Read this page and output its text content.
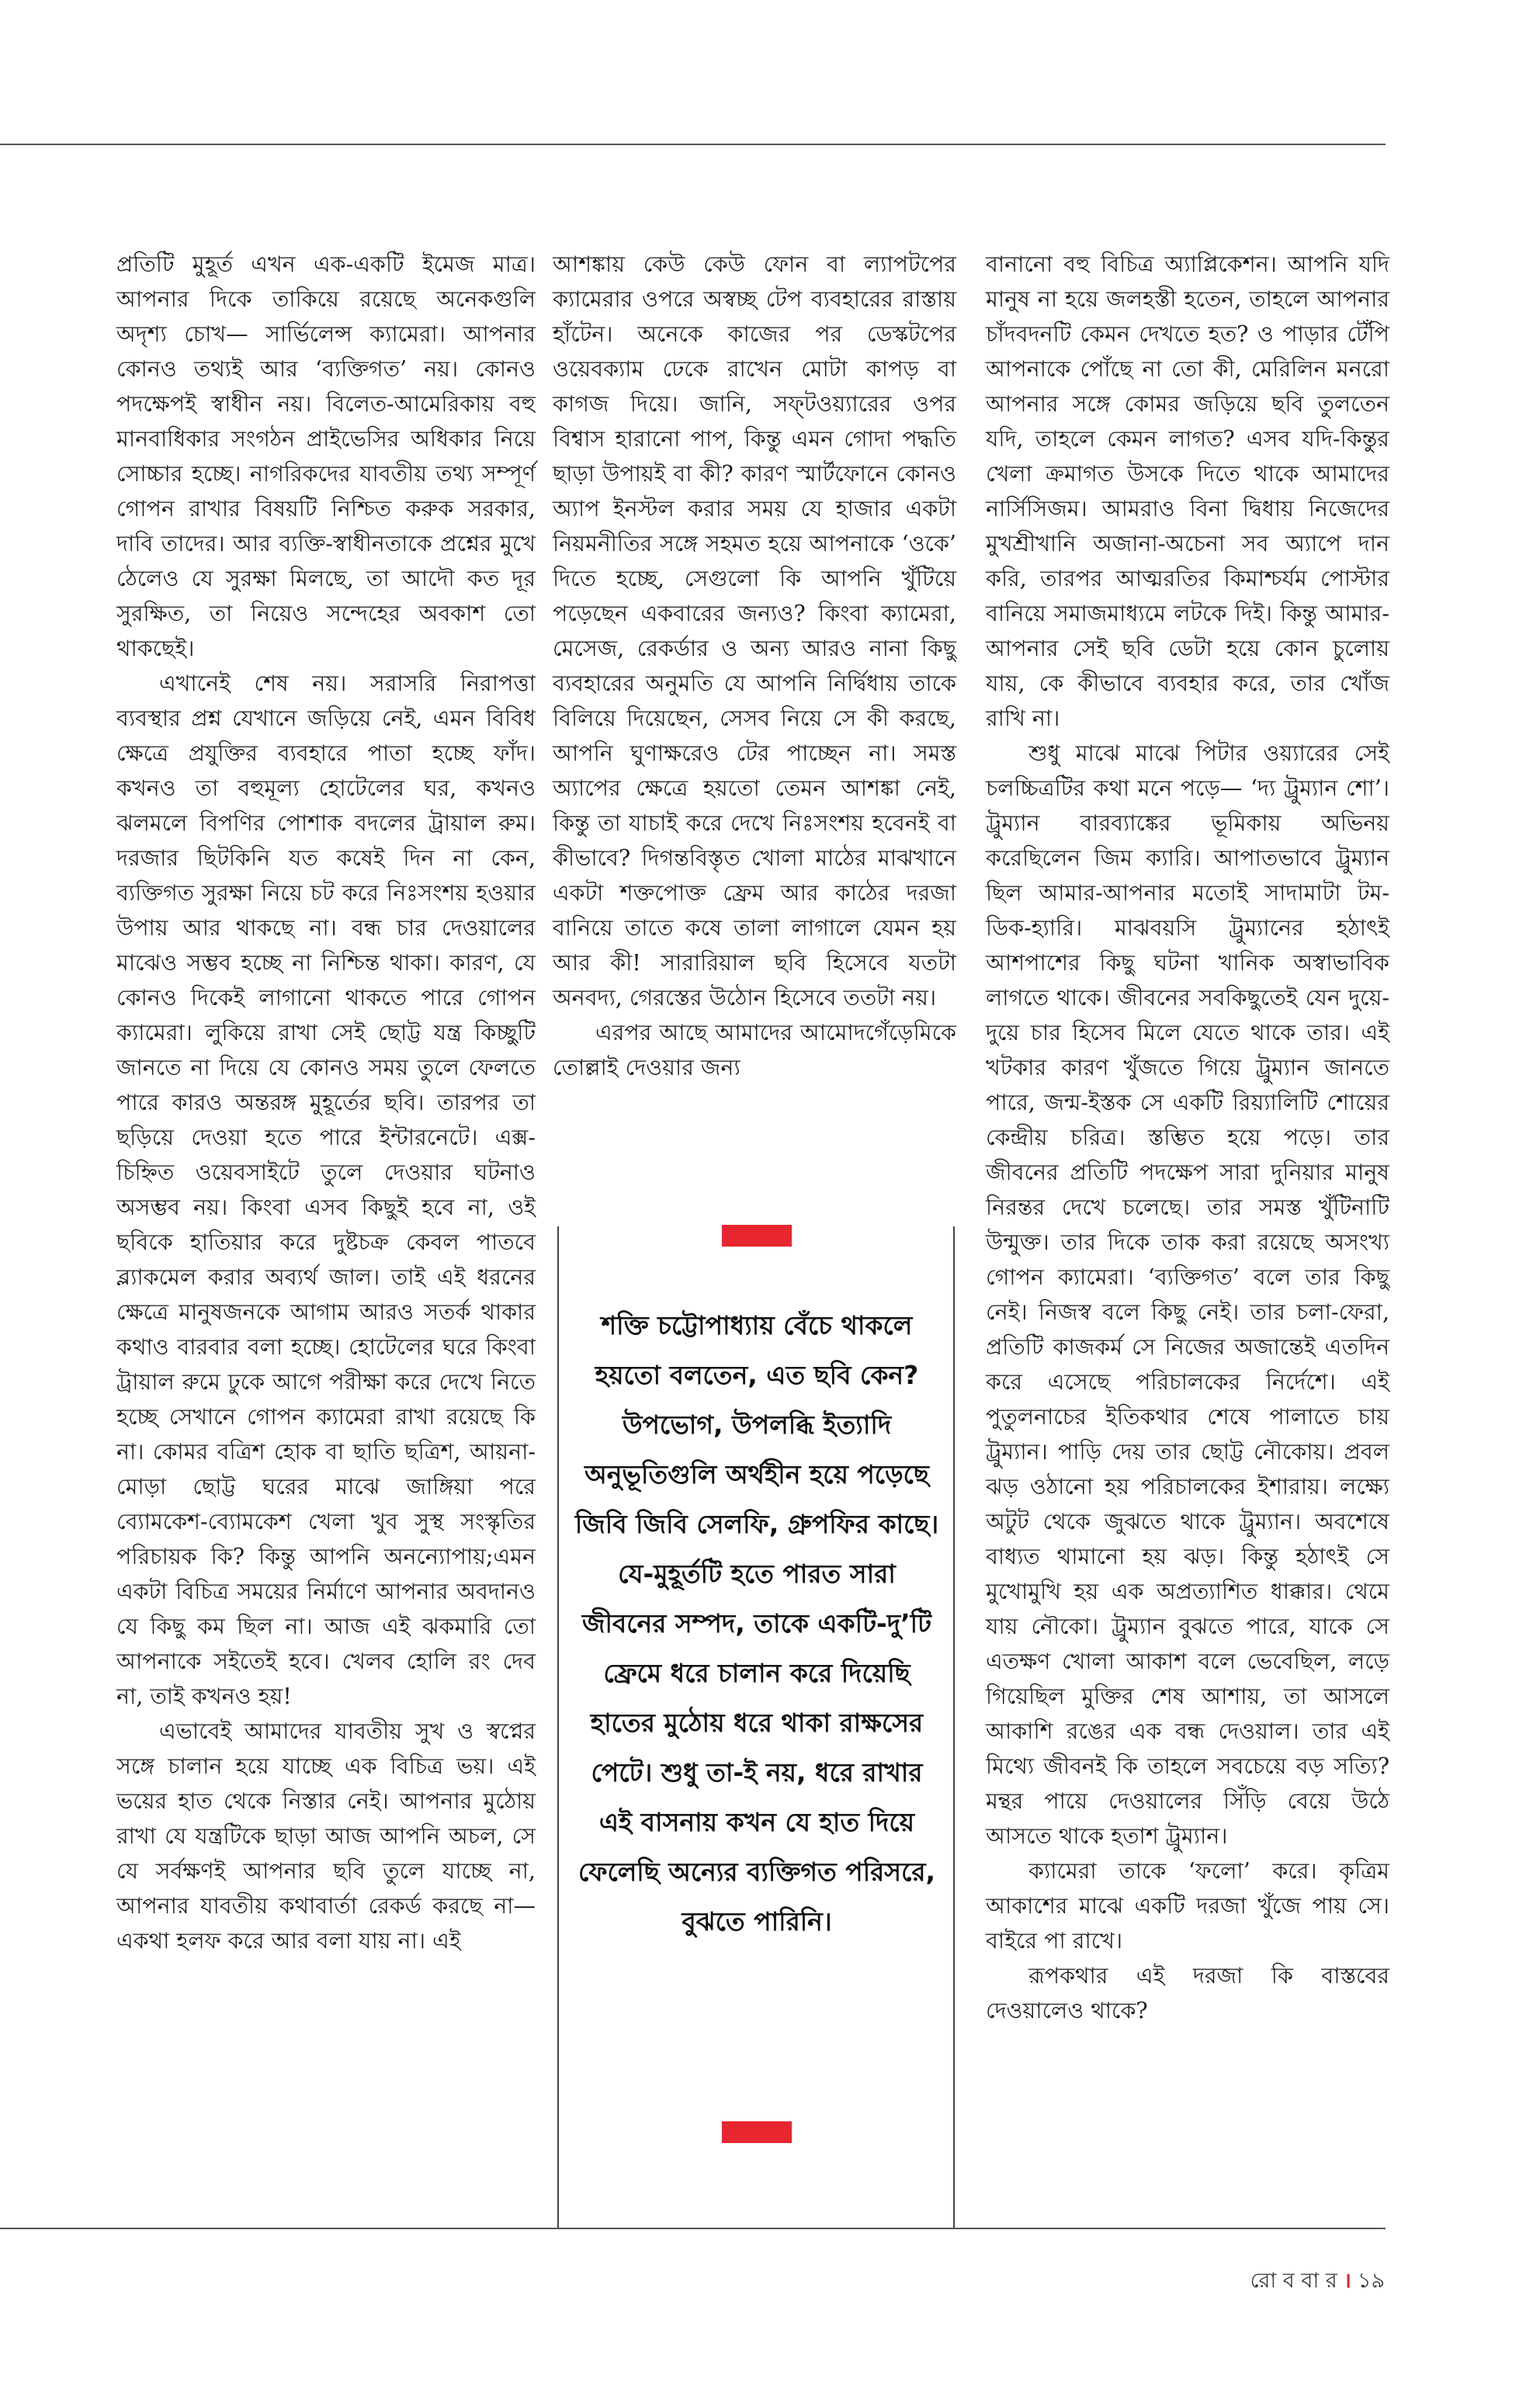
প্রতিটি মুহূর্ত এখন এক-একটি ইমেজ মাত্র। আপনার দিকে তাকিয়ে রয়েছে অনেকগুলি অদৃশ্য চোখ— সার্ভিলেন্স ক্যামেরা। আপনার কোনও তথ্যই আর ‘ব্যক্তিগত’ নয়। কোনও পদক্ষেপই স্বাধীন নয়। বিলেত-আমেরিকায় বহু মানবাধিকার সংগঠন প্রাইভেসির অধিকার নিয়ে সোচ্চার হচ্ছে। নাগরিকদের যাবতীয় তথ্য সম্পূর্ণ গোপন রাখার বিষয়টি নিশ্চিত করুক সরকার, দাবি তাদের। আর ব্যক্তি-স্বাধীনতাকে প্রশ্নের মুখে ঠেলেও যে সুরক্ষা মিলছে, তা আদৌ কত দূর সুরক্ষিত, তা নিয়েও সন্দেহের অবকাশ তো থাকছেই।

এখানেই শেষ নয়। সরাসরি নিরাপত্তা ব্যবস্থার প্রশ্ন যেখানে জড়িয়ে নেই, এমন বিবিধ ক্ষেত্রে প্রযুক্তির ব্যবহারে পাতা হচ্ছে ফাঁদ। কখনও তা বহুমূল্য হোটেলের ঘর, কখনও ঝলমলে বিপণির পোশাক বদলের ট্রায়াল রুম। দরজার ছিটকিনি যত কষেই দিন না কেন, ব্যক্তিগত সুরক্ষা নিয়ে চট করে নিঃসংশয় হওয়ার উপায় আর থাকছে না। বন্ধ চার দেওয়ালের মাঝেও সম্ভব হচ্ছে না নিশ্চিন্ত থাকা। কারণ, যে কোনও দিকেই লাগানো থাকতে পারে গোপন ক্যামেরা। লুকিয়ে রাখা সেই ছোট্ট যন্ত্র কিচ্ছুটি জানতে না দিয়ে যে কোনও সময় তুলে ফেলতে পারে কারও অন্তরঙ্গ মুহূর্তের ছবি। তারপর তা ছড়িয়ে দেওয়া হতে পারে ইন্টারনেটে। এক্স-চিহ্নিত ওয়েবসাইটে তুলে দেওয়ার ঘটনাও অসম্ভব নয়। কিংবা এসব কিছুই হবে না, ওই ছবিকে হাতিয়ার করে দুষ্টচক্র কেবল পাতবে ব্ল্যাকমেল করার অব্যর্থ জাল। তাই এই ধরনের ক্ষেত্রে মানুষজনকে আগাম আরও সতর্ক থাকার কথাও বারবার বলা হচ্ছে। হোটেলের ঘরে কিংবা ট্রায়াল রুমে ঢুকে আগে পরীক্ষা করে দেখে নিতে হচ্ছে সেখানে গোপন ক্যামেরা রাখা রয়েছে কি না। কোমর বত্রিশ হোক বা ছাতি ছত্রিশ, আয়না-মোড়া ছোট্ট ঘরের মাঝে জাঙ্গিয়া পরে ব্যোমকেশ-ব্যোমকেশ খেলা খুব সুস্থ সংস্কৃতির পরিচায়ক কি? কিন্তু আপনি অনন্যোপায়;এমন একটা বিচিত্র সময়ের নির্মাণে আপনার অবদানও যে কিছু কম ছিল না। আজ এই ঝকমারি তো আপনাকে সইতেই হবে। খেলব হোলি রং দেব না, তাই কখনও হয়!

এভাবেই আমাদের যাবতীয় সুখ ও স্বপ্নের সঙ্গে চালান হয়ে যাচ্ছে এক বিচিত্র ভয়। এই ভয়ের হাত থেকে নিস্তার নেই। আপনার মুঠোয় রাখা যে যন্ত্রটিকে ছাড়া আজ আপনি অচল, সে যে সর্বক্ষণই আপনার ছবি তুলে যাচ্ছে না, আপনার যাবতীয় কথাবার্তা রেকর্ড করছে না— একথা হলফ করে আর বলা যায় না। এই

আশঙ্কায় কেউ কেউ ফোন বা ল্যাপটপের ক্যামেরার ওপরে অস্বচ্ছ টেপ ব্যবহারের রাস্তায় হাঁটেন। অনেকে কাজের পর ডেস্কটপের ওয়েবক্যাম ঢেকে রাখেন মোটা কাপড় বা কাগজ দিয়ে। জানি, সফ্‌টওয়্যারের ওপর বিশ্বাস হারানো পাপ, কিন্তু এমন গোদা পদ্ধতি ছাড়া উপায়ই বা কী? কারণ স্মার্টফোনে কোনও অ্যাপ ইনস্টল করার সময় যে হাজার একটা নিয়মনীতির সঙ্গে সহমত হয়ে আপনাকে ‘ওকে’ দিতে হচ্ছে, সেগুলো কি আপনি খুঁটিয়ে পড়েছেন একবারের জন্যও? কিংবা ক্যামেরা, মেসেজ, রেকর্ডার ও অন্য আরও নানা কিছু ব্যবহারের অনুমতি যে আপনি নির্দ্বিধায় তাকে বিলিয়ে দিয়েছেন, সেসব নিয়ে সে কী করছে, আপনি ঘুণাক্ষরেও টের পাচ্ছেন না। সমস্ত অ্যাপের ক্ষেত্রে হয়তো তেমন আশঙ্কা নেই, কিন্তু তা যাচাই করে দেখে নিঃসংশয় হবেনই বা কীভাবে? দিগন্তবিস্তৃত খোলা মাঠের মাঝখানে একটা শক্তপোক্ত ফ্রেম আর কাঠের দরজা বানিয়ে তাতে কষে তালা লাগালে যেমন হয় আর কী! সারারিয়াল ছবি হিসেবে যতটা অনবদ্য, গেরস্তের উঠোন হিসেবে ততটা নয়।

এরপর আছে আমাদের আমোদগেঁড়েমিকে তোল্লাই দেওয়ার জন্য

বানানো বহু বিচিত্র অ্যাপ্লিকেশন। আপনি যদি মানুষ না হয়ে জলহস্তী হতেন, তাহলে আপনার চাঁদবদনটি কেমন দেখতে হত? ও পাড়ার টেঁপি আপনাকে পোঁছে না তো কী, মেরিলিন মনরো আপনার সঙ্গে কোমর জড়িয়ে ছবি তুলতেন যদি, তাহলে কেমন লাগত? এসব যদি-কিন্তুর খেলা ক্রমাগত উসকে দিতে থাকে আমাদের নার্সিসিজম। আমরাও বিনা দ্বিধায় নিজেদের মুখশ্রীখানি অজানা-অচেনা সব অ্যাপে দান করি, তারপর আত্মরতির কিমাশ্চর্যম পোস্টার বানিয়ে সমাজমাধ্যমে লটকে দিই। কিন্তু আমার-আপনার সেই ছবি ডেটা হয়ে কোন চুলোয় যায়, কে কীভাবে ব্যবহার করে, তার খোঁজ রাখি না।

শুধু মাঝে মাঝে পিটার ওয়্যারের সেই চলচ্চিত্রটির কথা মনে পড়ে— ‘দ্য ট্রুম্যান শো’। ট্রুম্যান বারব্যাঙ্কের ভূমিকায় অভিনয় করেছিলেন জিম ক্যারি। আপাতভাবে ট্রুম্যান ছিল আমার-আপনার মতোই সাদামাটা টম-ডিক-হ্যারি। মাঝবয়সি ট্রুম্যানের হঠাৎই আশপাশের কিছু ঘটনা খানিক অস্বাভাবিক লাগতে থাকে। জীবনের সবকিছুতেই যেন দুয়ে-দুয়ে চার হিসেব মিলে যেতে থাকে তার। এই খটকার কারণ খুঁজতে গিয়ে ট্রুম্যান জানতে পারে, জন্ম-ইস্তক সে একটি রিয়্যালিটি শোয়ের কেন্দ্রীয় চরিত্র। স্তম্ভিত হয়ে পড়ে। তার জীবনের প্রতিটি পদক্ষেপ সারা দুনিয়ার মানুষ নিরন্তর দেখে চলেছে। তার সমস্ত খুঁটিনাটি উন্মুক্ত। তার দিকে তাক করা রয়েছে অসংখ্য গোপন ক্যামেরা। ‘ব্যক্তিগত’ বলে তার কিছু নেই। নিজস্ব বলে কিছু নেই। তার চলা-ফেরা, প্রতিটি কাজকর্ম সে নিজের অজান্তেই এতদিন করে এসেছে পরিচালকের নির্দেশে। এই পুতুলনাচের ইতিকথার শেষে পালাতে চায় ট্রুম্যান। পাড়ি দেয় তার ছোট্ট নৌকোয়। প্রবল ঝড় ওঠানো হয় পরিচালকের ইশারায়। লক্ষ্যে অটুট থেকে জুঝতে থাকে ট্রুম্যান। অবশেষে বাধ্যত থামানো হয় ঝড়। কিন্তু হঠাৎই সে মুখোমুখি হয় এক অপ্রত্যাশিত ধাক্কার। থেমে যায় নৌকো। ট্রুম্যান বুঝতে পারে, যাকে সে এতক্ষণ খোলা আকাশ বলে ভেবেছিল, লড়ে গিয়েছিল মুক্তির শেষ আশায়, তা আসলে আকাশি রঙের এক বন্ধ দেওয়াল। তার এই মিথ্যে জীবনই কি তাহলে সবচেয়ে বড় সত্যি? মন্থর পায়ে দেওয়ালের সিঁড়ি বেয়ে উঠে আসতে থাকে হতাশ ট্রুম্যান।

ক্যামেরা তাকে ‘ফলো’ করে। কৃত্রিম আকাশের মাঝে একটি দরজা খুঁজে পায় সে। বাইরে পা রাখে।

রূপকথার এই দরজা কি বাস্তবের দেওয়ালেও থাকে?

শক্তি চট্টোপাধ্যায় বেঁচে থাকলে হয়তো বলতেন, এত ছবি কেন? উপভোগ, উপলব্ধি ইত্যাদি অনুভূতিগুলি অর্থহীন হয়ে পড়েছে জিবি জিবি সেলফি, গ্রুপফির কাছে। যে-মুহূর্তটি হতে পারত সারা জীবনের সম্পদ, তাকে একটি-দু’টি ফ্রেমে ধরে চালান করে দিয়েছি হাতের মুঠোয় ধরে থাকা রাক্ষসের পেটে। শুধু তা-ই নয়, ধরে রাখার এই বাসনায় কখন যে হাত দিয়ে ফেলেছি অন্যের ব্যক্তিগত পরিসরে, বুঝতে পারিনি।
রো ব বা র । ১৯
